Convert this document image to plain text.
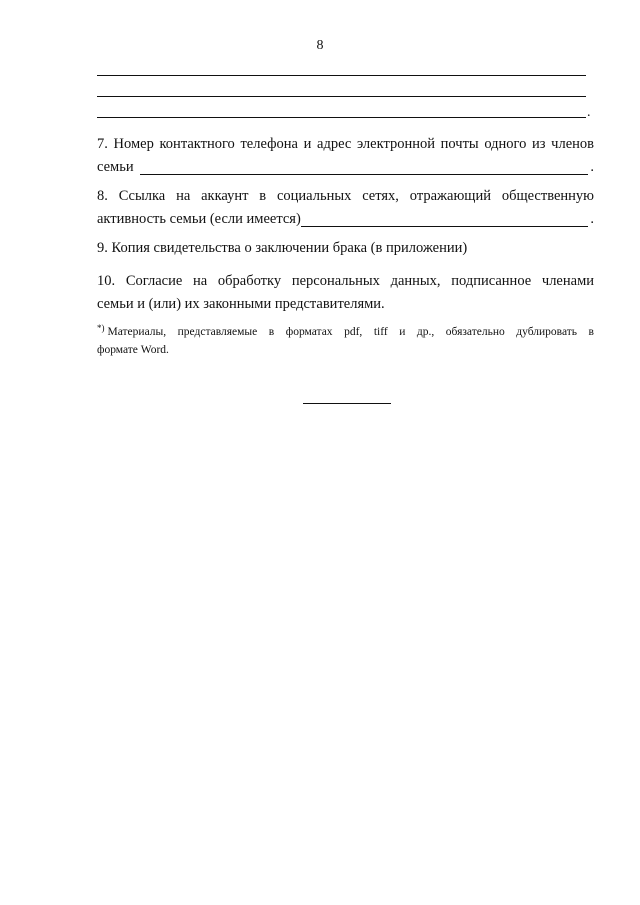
8
.
7. Номер контактного телефона и адрес электронной почты одного из членов
семьи	.
8. Ссылка на аккаунт в социальных сетях, отражающий общественную
активность семьи (если имеется)	.
9. Копия свидетельства о заключении брака (в приложении)
10. Согласие на обработку персональных данных, подписанное членами
семьи и (или) их законными представителями.
*) Материалы, представляемые в форматах pdf, tiff и др., обязательно дублировать в
формате Word.
